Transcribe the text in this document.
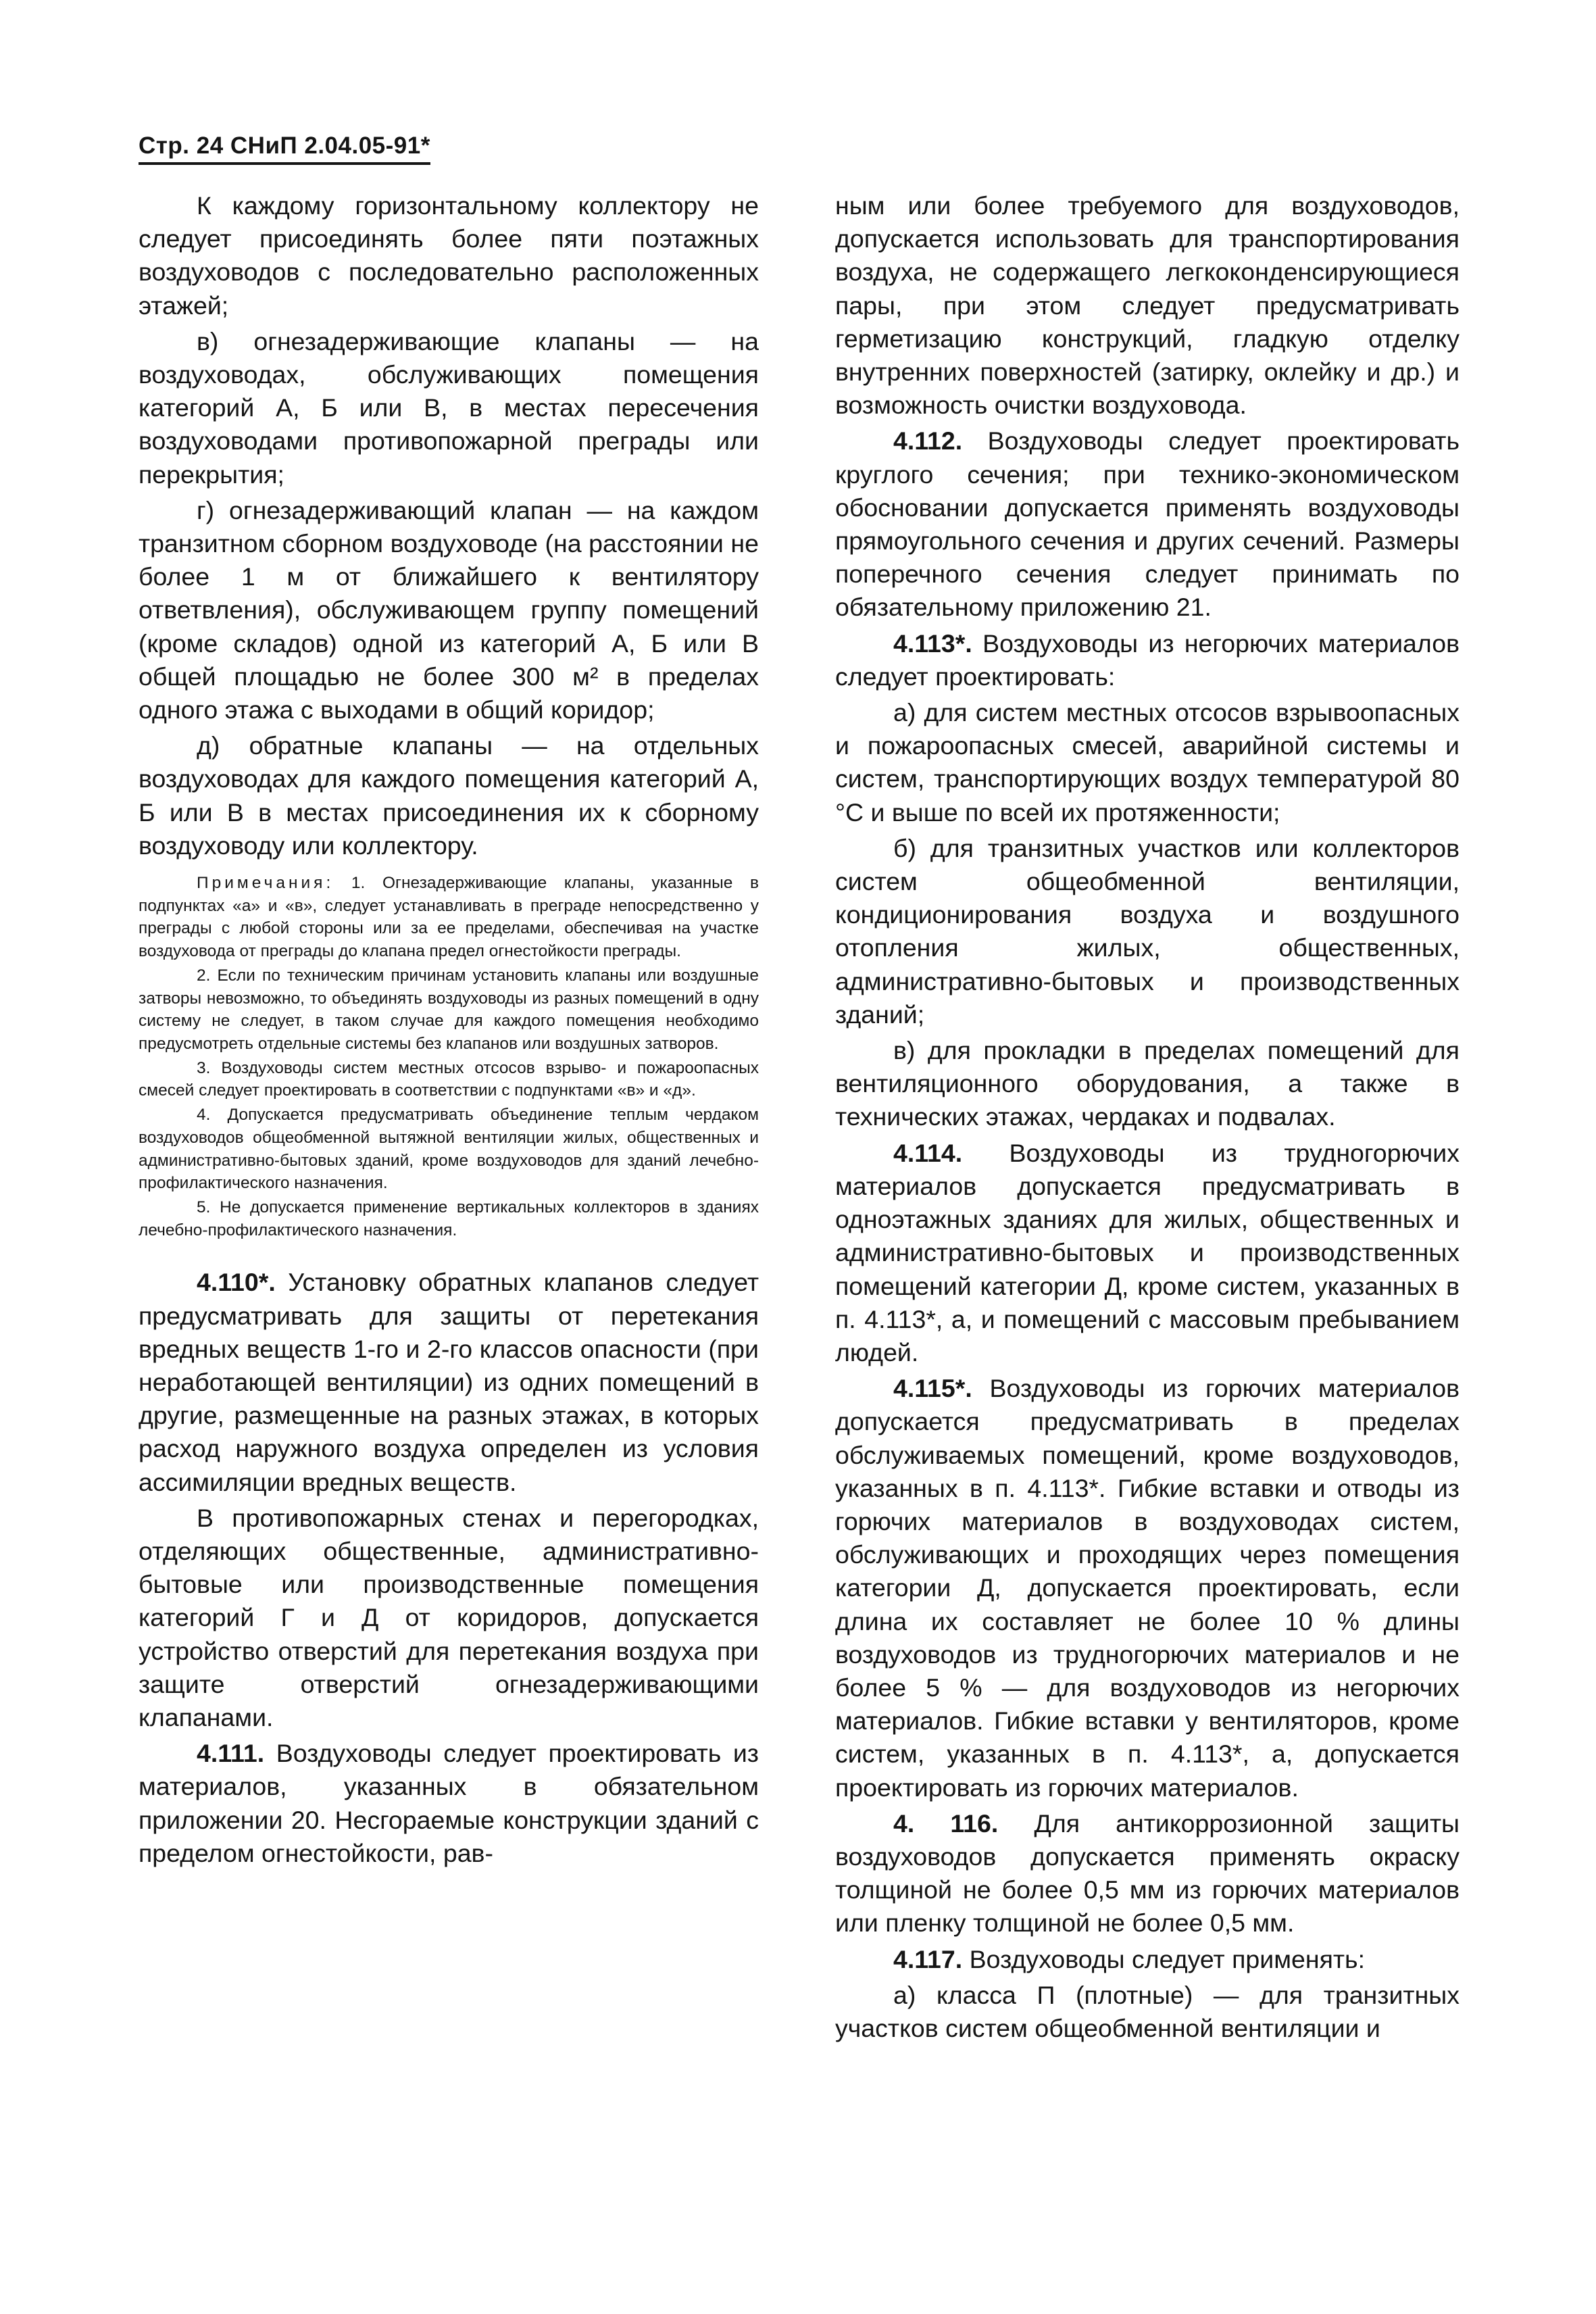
Стр. 24 СНиП 2.04.05-91*

К каждому горизонтальному коллектору не следует присоединять более пяти поэтажных воздуховодов с последовательно расположенных этажей;

в) огнезадерживающие клапаны — на воздуховодах, обслуживающих помещения категорий А, Б или В, в местах пересечения воздуховодами противопожарной преграды или перекрытия;

г) огнезадерживающий клапан — на каждом транзитном сборном воздуховоде (на расстоянии не более 1 м от ближайшего к вентилятору ответвления), обслуживающем группу помещений (кроме складов) одной из категорий А, Б или В общей площадью не более 300 м² в пределах одного этажа с выходами в общий коридор;

д) обратные клапаны — на отдельных воздуховодах для каждого помещения категорий А, Б или В в местах присоединения их к сборному воздуховоду или коллектору.

Примечания: 1. Огнезадерживающие клапаны, указанные в подпунктах «а» и «в», следует устанавливать в преграде непосредственно у преграды с любой стороны или за ее пределами, обеспечивая на участке воздуховода от преграды до клапана предел огнестойкости преграды.

2. Если по техническим причинам установить клапаны или воздушные затворы невозможно, то объединять воздуховоды из разных помещений в одну систему не следует, в таком случае для каждого помещения необходимо предусмотреть отдельные системы без клапанов или воздушных затворов.

3. Воздуховоды систем местных отсосов взрыво- и пожароопасных смесей следует проектировать в соответствии с подпунктами «в» и «д».

4. Допускается предусматривать объединение теплым чердаком воздуховодов общеобменной вытяжной вентиляции жилых, общественных и административно-бытовых зданий, кроме воздуховодов для зданий лечебно-профилактического назначения.

5. Не допускается применение вертикальных коллекторов в зданиях лечебно-профилактического назначения.

4.110*. Установку обратных клапанов следует предусматривать для защиты от перетекания вредных веществ 1-го и 2-го классов опасности (при неработающей вентиляции) из одних помещений в другие, размещенные на разных этажах, в которых расход наружного воздуха определен из условия ассимиляции вредных веществ.

В противопожарных стенах и перегородках, отделяющих общественные, административно-бытовые или производственные помещения категорий Г и Д от коридоров, допускается устройство отверстий для перетекания воздуха при защите отверстий огнезадерживающими клапанами.

4.111. Воздуховоды следует проектировать из материалов, указанных в обязательном приложении 20. Несгораемые конструкции зданий с пределом огнестойкости, рав-

ным или более требуемого для воздуховодов, допускается использовать для транспортирования воздуха, не содержащего легкоконденсирующиеся пары, при этом следует предусматривать герметизацию конструкций, гладкую отделку внутренних поверхностей (затирку, оклейку и др.) и возможность очистки воздуховода.

4.112. Воздуховоды следует проектировать круглого сечения; при технико-экономическом обосновании допускается применять воздуховоды прямоугольного сечения и других сечений. Размеры поперечного сечения следует принимать по обязательному приложению 21.

4.113*. Воздуховоды из негорючих материалов следует проектировать:

а) для систем местных отсосов взрывоопасных и пожароопасных смесей, аварийной системы и систем, транспортирующих воздух температурой 80 °С и выше по всей их протяженности;

б) для транзитных участков или коллекторов систем общеобменной вентиляции, кондиционирования воздуха и воздушного отопления жилых, общественных, административно-бытовых и производственных зданий;

в) для прокладки в пределах помещений для вентиляционного оборудования, а также в технических этажах, чердаках и подвалах.

4.114. Воздуховоды из трудногорючих материалов допускается предусматривать в одноэтажных зданиях для жилых, общественных и административно-бытовых и производственных помещений категории Д, кроме систем, указанных в п. 4.113*, а, и помещений с массовым пребыванием людей.

4.115*. Воздуховоды из горючих материалов допускается предусматривать в пределах обслуживаемых помещений, кроме воздуховодов, указанных в п. 4.113*. Гибкие вставки и отводы из горючих материалов в воздуховодах систем, обслуживающих и проходящих через помещения категории Д, допускается проектировать, если длина их составляет не более 10 % длины воздуховодов из трудногорючих материалов и не более 5 % — для воздуховодов из негорючих материалов. Гибкие вставки у вентиляторов, кроме систем, указанных в п. 4.113*, а, допускается проектировать из горючих материалов.

4. 116. Для антикоррозионной защиты воздуховодов допускается применять окраску толщиной не более 0,5 мм из горючих материалов или пленку толщиной не более 0,5 мм.

4.117. Воздуховоды следует применять:

а) класса П (плотные) — для транзитных участков систем общеобменной вентиляции и
